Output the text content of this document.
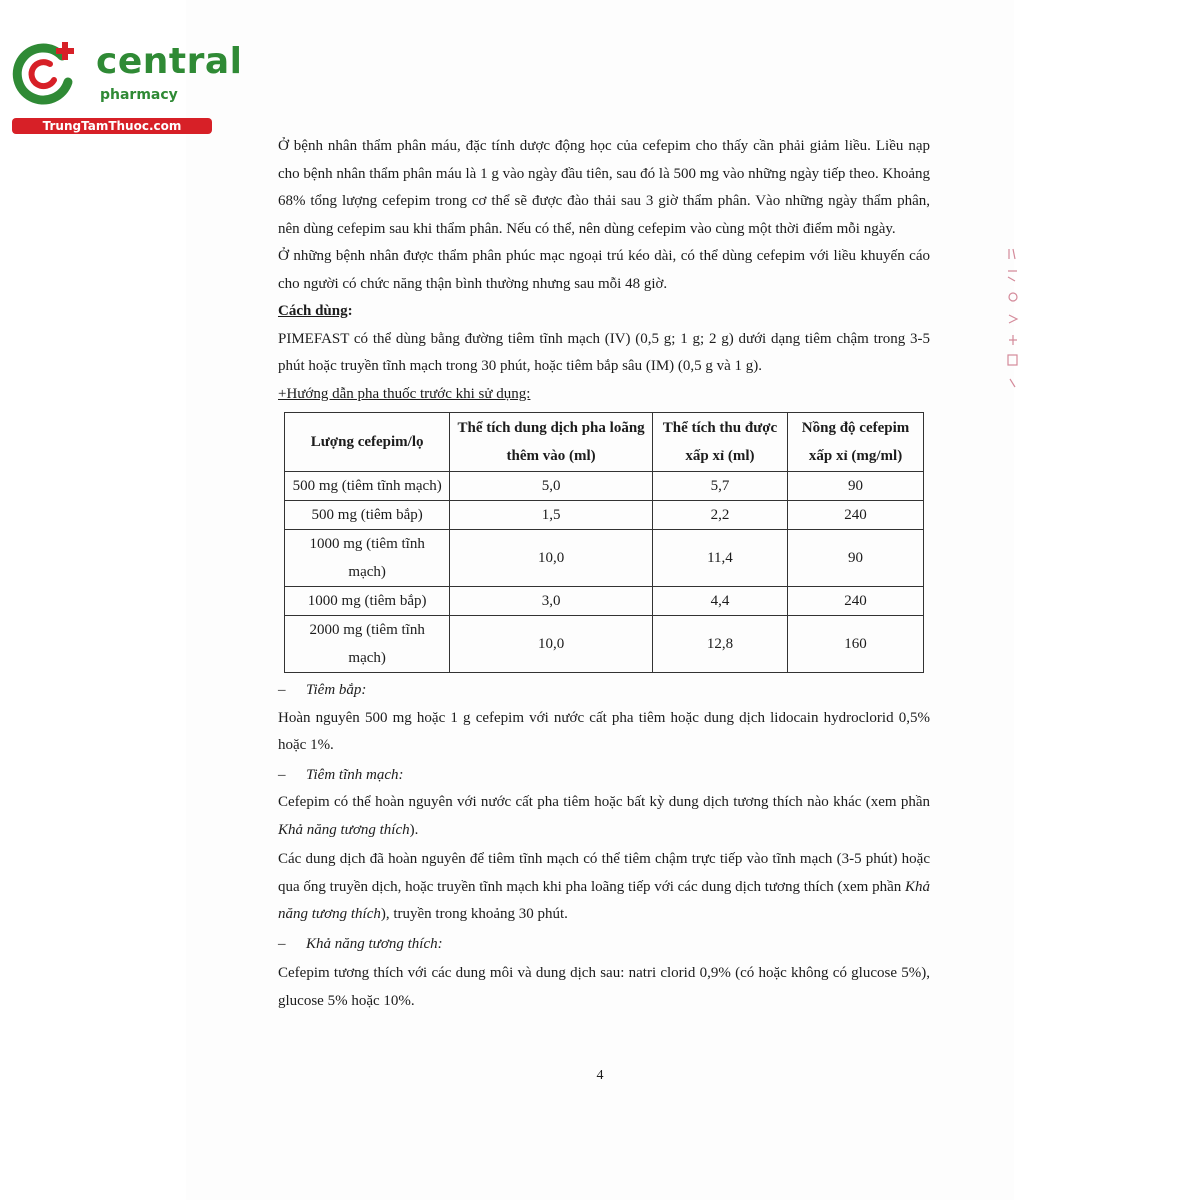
central
pharmacy
TrungTamThuoc.com

Ở bệnh nhân thẩm phân máu, đặc tính dược động học của cefepim cho thấy cần phải giảm liều. Liều nạp cho bệnh nhân thẩm phân máu là 1 g vào ngày đầu tiên, sau đó là 500 mg vào những ngày tiếp theo. Khoảng 68% tổng lượng cefepim trong cơ thể sẽ được đào thải sau 3 giờ thẩm phân. Vào những ngày thẩm phân, nên dùng cefepim sau khi thẩm phân. Nếu có thể, nên dùng cefepim vào cùng một thời điểm mỗi ngày.

Ở những bệnh nhân được thẩm phân phúc mạc ngoại trú kéo dài, có thể dùng cefepim với liều khuyến cáo cho người có chức năng thận bình thường nhưng sau mỗi 48 giờ.

Cách dùng:

PIMEFAST có thể dùng bằng đường tiêm tĩnh mạch (IV) (0,5 g; 1 g; 2 g) dưới dạng tiêm chậm trong 3-5 phút hoặc truyền tĩnh mạch trong 30 phút, hoặc tiêm bắp sâu (IM) (0,5 g và 1 g).

+Hướng dẫn pha thuốc trước khi sử dụng:

Lượng cefepim/lọ	Thể tích dung dịch pha loãng thêm vào (ml)	Thể tích thu được xấp xỉ (ml)	Nồng độ cefepim xấp xỉ (mg/ml)
500 mg (tiêm tĩnh mạch)	5,0	5,7	90
500 mg (tiêm bắp)	1,5	2,2	240
1000 mg (tiêm tĩnh mạch)	10,0	11,4	90
1000 mg (tiêm bắp)	3,0	4,4	240
2000 mg (tiêm tĩnh mạch)	10,0	12,8	160

– Tiêm bắp:

Hoàn nguyên 500 mg hoặc 1 g cefepim với nước cất pha tiêm hoặc dung dịch lidocain hydroclorid 0,5% hoặc 1%.

– Tiêm tĩnh mạch:

Cefepim có thể hoàn nguyên với nước cất pha tiêm hoặc bất kỳ dung dịch tương thích nào khác (xem phần Khả năng tương thích).

Các dung dịch đã hoàn nguyên để tiêm tĩnh mạch có thể tiêm chậm trực tiếp vào tĩnh mạch (3-5 phút) hoặc qua ống truyền dịch, hoặc truyền tĩnh mạch khi pha loãng tiếp với các dung dịch tương thích (xem phần Khả năng tương thích), truyền trong khoảng 30 phút.

– Khả năng tương thích:

Cefepim tương thích với các dung môi và dung dịch sau: natri clorid 0,9% (có hoặc không có glucose 5%), glucose 5% hoặc 10%.

4
